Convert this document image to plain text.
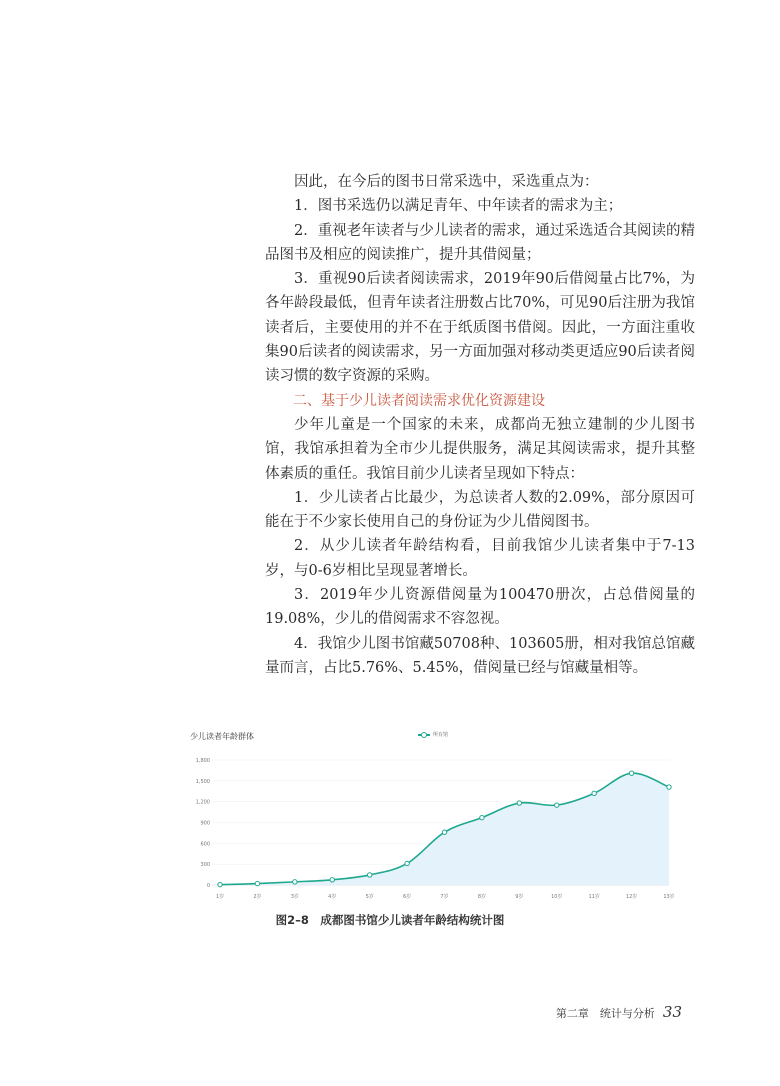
因此，在今后的图书日常采选中，采选重点为：

1．图书采选仍以满足青年、中年读者的需求为主；

2．重视老年读者与少儿读者的需求，通过采选适合其阅读的精品图书及相应的阅读推广，提升其借阅量；

3．重视90后读者阅读需求，2019年90后借阅量占比7%，为各年龄段最低，但青年读者注册数占比70%，可见90后注册为我馆读者后，主要使用的并不在于纸质图书借阅。因此，一方面注重收集90后读者的阅读需求，另一方面加强对移动类更适应90后读者阅读习惯的数字资源的采购。

二、基于少儿读者阅读需求优化资源建设

少年儿童是一个国家的未来，成都尚无独立建制的少儿图书馆，我馆承担着为全市少儿提供服务，满足其阅读需求，提升其整体素质的重任。我馆目前少儿读者呈现如下特点：

1．少儿读者占比最少，为总读者人数的2.09%，部分原因可能在于不少家长使用自己的身份证为少儿借阅图书。

2．从少儿读者年龄结构看，目前我馆少儿读者集中于7-13岁，与0-6岁相比呈现显著增长。

3．2019年少儿资源借阅量为100470册次，占总借阅量的19.08%，少儿的借阅需求不容忽视。

4．我馆少儿图书馆藏50708种、103605册，相对我馆总馆藏量而言，占比5.76%、5.45%，借阅量已经与馆藏量相等。

少儿读者年龄群体	所有馆
0
300
600
900
1,200
1,500
1,800
1岁	2岁	3岁	4岁	5岁	6岁	7岁	8岁	9岁	10岁	11岁	12岁	13岁
图2–8　成都图书馆少儿读者年龄结构统计图
第二章　统计与分析 33
